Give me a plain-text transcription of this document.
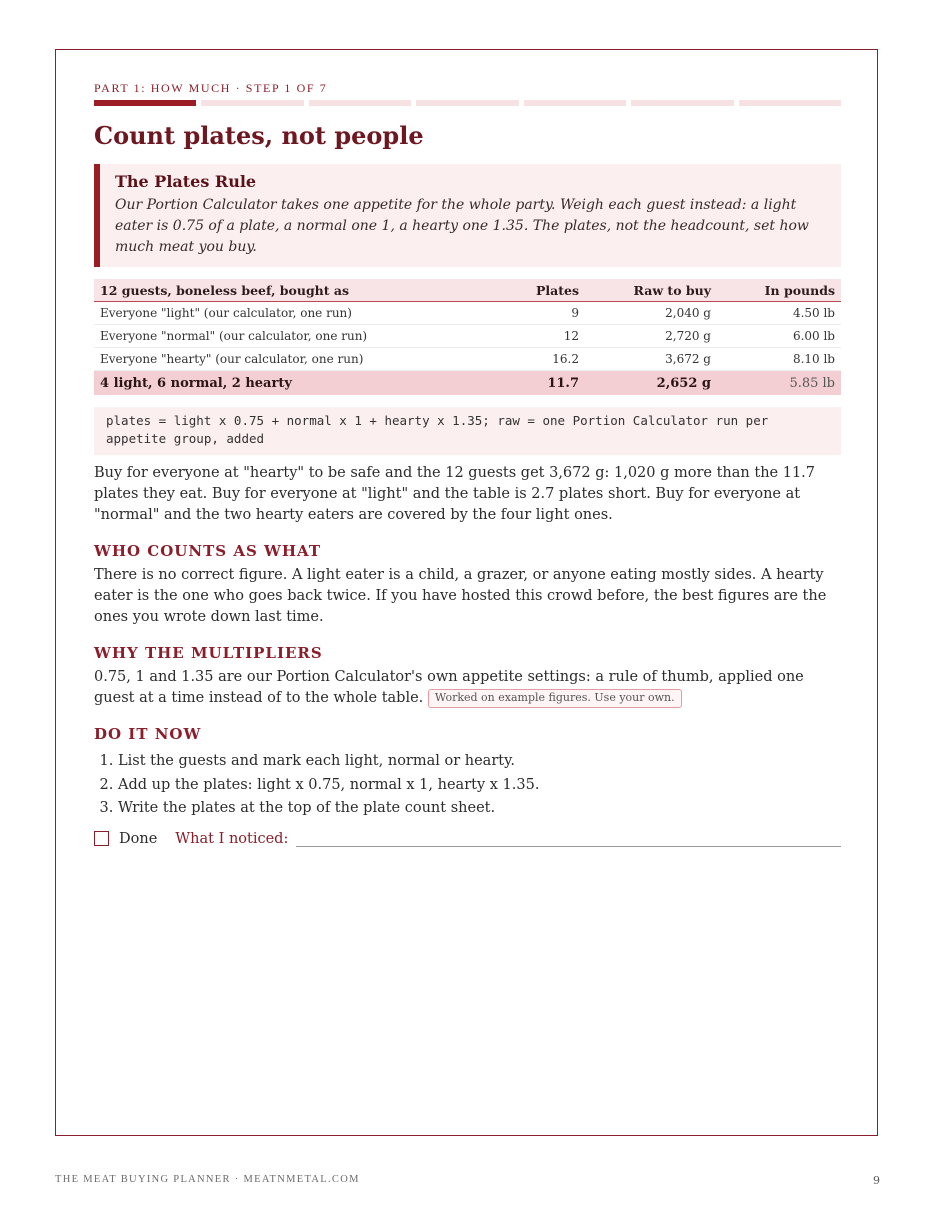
PART 1: HOW MUCH · STEP 1 OF 7
Count plates, not people
The Plates Rule
Our Portion Calculator takes one appetite for the whole party. Weigh each guest instead: a light eater is 0.75 of a plate, a normal one 1, a hearty one 1.35. The plates, not the headcount, set how much meat you buy.
12 guests, boneless beef, bought as	Plates	Raw to buy	In pounds
Everyone "light" (our calculator, one run)	9	2,040 g	4.50 lb
Everyone "normal" (our calculator, one run)	12	2,720 g	6.00 lb
Everyone "hearty" (our calculator, one run)	16.2	3,672 g	8.10 lb
4 light, 6 normal, 2 hearty	11.7	2,652 g	5.85 lb
plates = light x 0.75 + normal x 1 + hearty x 1.35; raw = one Portion Calculator run per appetite group, added

Buy for everyone at "hearty" to be safe and the 12 guests get 3,672 g: 1,020 g more than the 11.7 plates they eat. Buy for everyone at "light" and the table is 2.7 plates short. Buy for everyone at "normal" and the two hearty eaters are covered by the four light ones.

WHO COUNTS AS WHAT

There is no correct figure. A light eater is a child, a grazer, or anyone eating mostly sides. A hearty eater is the one who goes back twice. If you have hosted this crowd before, the best figures are the ones you wrote down last time.

WHY THE MULTIPLIERS

0.75, 1 and 1.35 are our Portion Calculator's own appetite settings: a rule of thumb, applied one guest at a time instead of to the whole table. Worked on example figures. Use your own.

DO IT NOW
1. List the guests and mark each light, normal or hearty.
2. Add up the plates: light x 0.75, normal x 1, hearty x 1.35.
3. Write the plates at the top of the plate count sheet.
Done What I noticed:
THE MEAT BUYING PLANNER · MEATNMETAL.COM	9
